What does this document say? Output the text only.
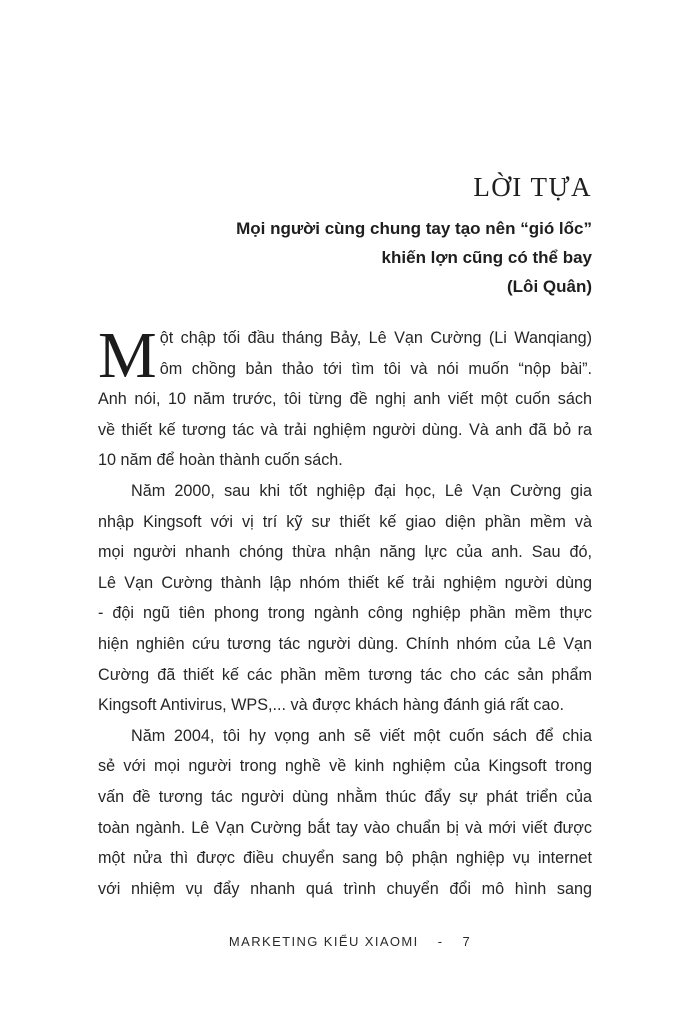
LỜI TỰA
Mọi người cùng chung tay tạo nên “gió lốc”
khiến lợn cũng có thể bay
(Lôi Quân)
M ột chập tối đầu tháng Bảy, Lê Vạn Cường (Li Wanqiang)

ôm chồng bản thảo tới tìm tôi và nói muốn “nộp bài”.

Anh nói, 10 năm trước, tôi từng đề nghị anh viết một cuốn sách

về thiết kế tương tác và trải nghiệm người dùng. Và anh đã bỏ ra

10 năm để hoàn thành cuốn sách.

Năm 2000, sau khi tốt nghiệp đại học, Lê Vạn Cường gia

nhập Kingsoft với vị trí kỹ sư thiết kế giao diện phần mềm và

mọi người nhanh chóng thừa nhận năng lực của anh. Sau đó,

Lê Vạn Cường thành lập nhóm thiết kế trải nghiệm người dùng

- đội ngũ tiên phong trong ngành công nghiệp phần mềm thực

hiện nghiên cứu tương tác người dùng. Chính nhóm của Lê Vạn

Cường đã thiết kế các phần mềm tương tác cho các sản phẩm

Kingsoft Antivirus, WPS,... và được khách hàng đánh giá rất cao.

Năm 2004, tôi hy vọng anh sẽ viết một cuốn sách để chia

sẻ với mọi người trong nghề về kinh nghiệm của Kingsoft trong

vấn đề tương tác người dùng nhằm thúc đẩy sự phát triển của

toàn ngành. Lê Vạn Cường bắt tay vào chuẩn bị và mới viết được

một nửa thì được điều chuyển sang bộ phận nghiệp vụ internet

với nhiệm vụ đẩy nhanh quá trình chuyển đổi mô hình sang

MARKETING KIỂU XIAOMI - 7
